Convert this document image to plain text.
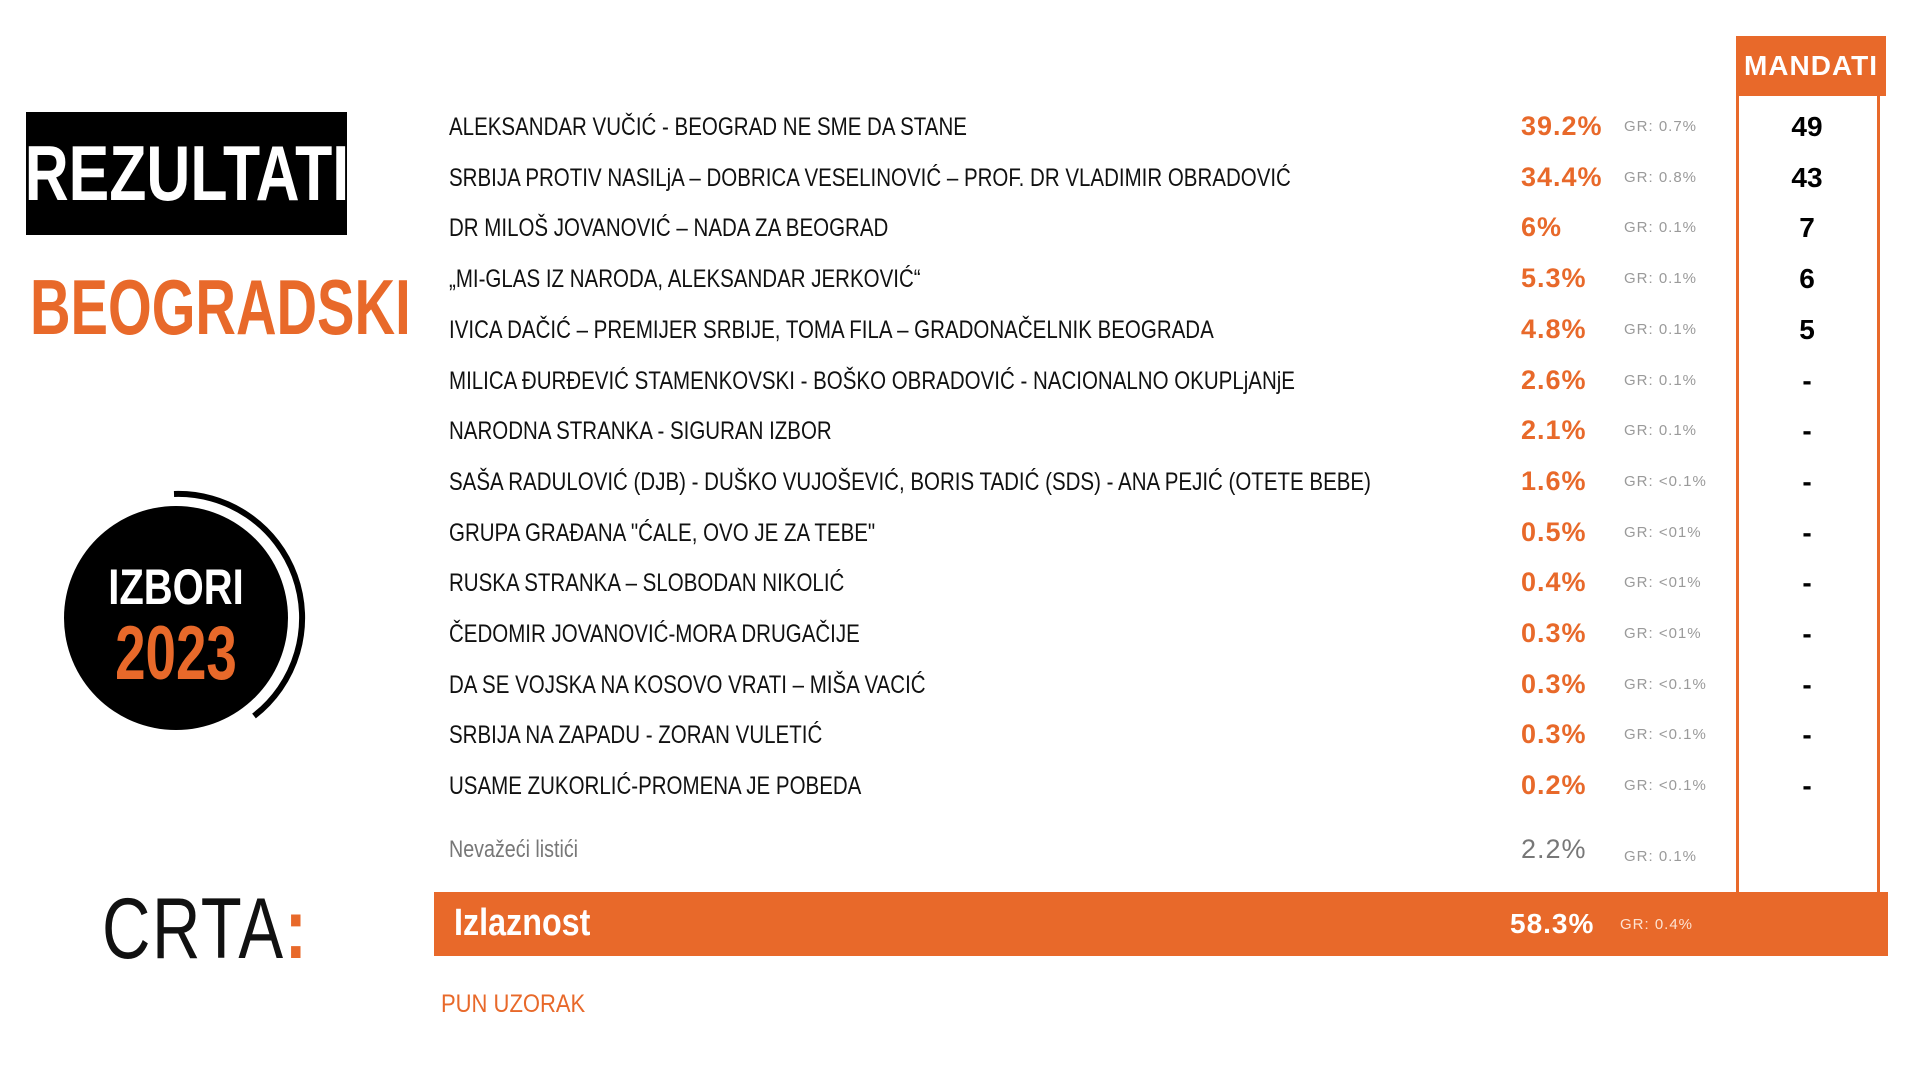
REZULTATI
BEOGRADSKI
IZBORI
2023
CRTA:
MANDATI
ALEKSANDAR VUČIĆ - BEOGRAD NE SME DA STANE	39.2% GR: 0.7%	49
SRBIJA PROTIV NASILjA – DOBRICA VESELINOVIĆ – PROF. DR VLADIMIR OBRADOVIĆ	34.4% GR: 0.8%	43
DR MILOŠ JOVANOVIĆ – NADA ZA BEOGRAD	6%	GR: 0.1%	7
„MI-GLAS IZ NARODA, ALEKSANDAR JERKOVIĆ“	5.3% GR: 0.1%	6
IVICA DAČIĆ – PREMIJER SRBIJE, TOMA FILA – GRADONAČELNIK BEOGRADA	4.8% GR: 0.1%	5
MILICA ĐURĐEVIĆ STAMENKOVSKI - BOŠKO OBRADOVIĆ - NACIONALNO OKUPLjANjE	2.6% GR: 0.1%	-
NARODNA STRANKA - SIGURAN IZBOR	2.1% GR: 0.1%	-
SAŠA RADULOVIĆ (DJB) - DUŠKO VUJOŠEVIĆ, BORIS TADIĆ (SDS) - ANA PEJIĆ (OTETE BEBE)	1.6% GR: <0.1%	-
GRUPA GRAĐANA "ĆALE, OVO JE ZA TEBE"	0.5% GR: <01%	-
RUSKA STRANKA – SLOBODAN NIKOLIĆ	0.4% GR: <01%	-
ČEDOMIR JOVANOVIĆ-MORA DRUGAČIJE	0.3% GR: <01%	-
DA SE VOJSKA NA KOSOVO VRATI – MIŠA VACIĆ	0.3% GR: <0.1%	-
SRBIJA NA ZAPADU - ZORAN VULETIĆ	0.3% GR: <0.1%	-
USAME ZUKORLIĆ-PROMENA JE POBEDA	0.2% GR: <0.1%	-
Nevažeći listići	2.2% GR: 0.1%
Izlaznost	58.3% GR: 0.4%
PUN UZORAK
